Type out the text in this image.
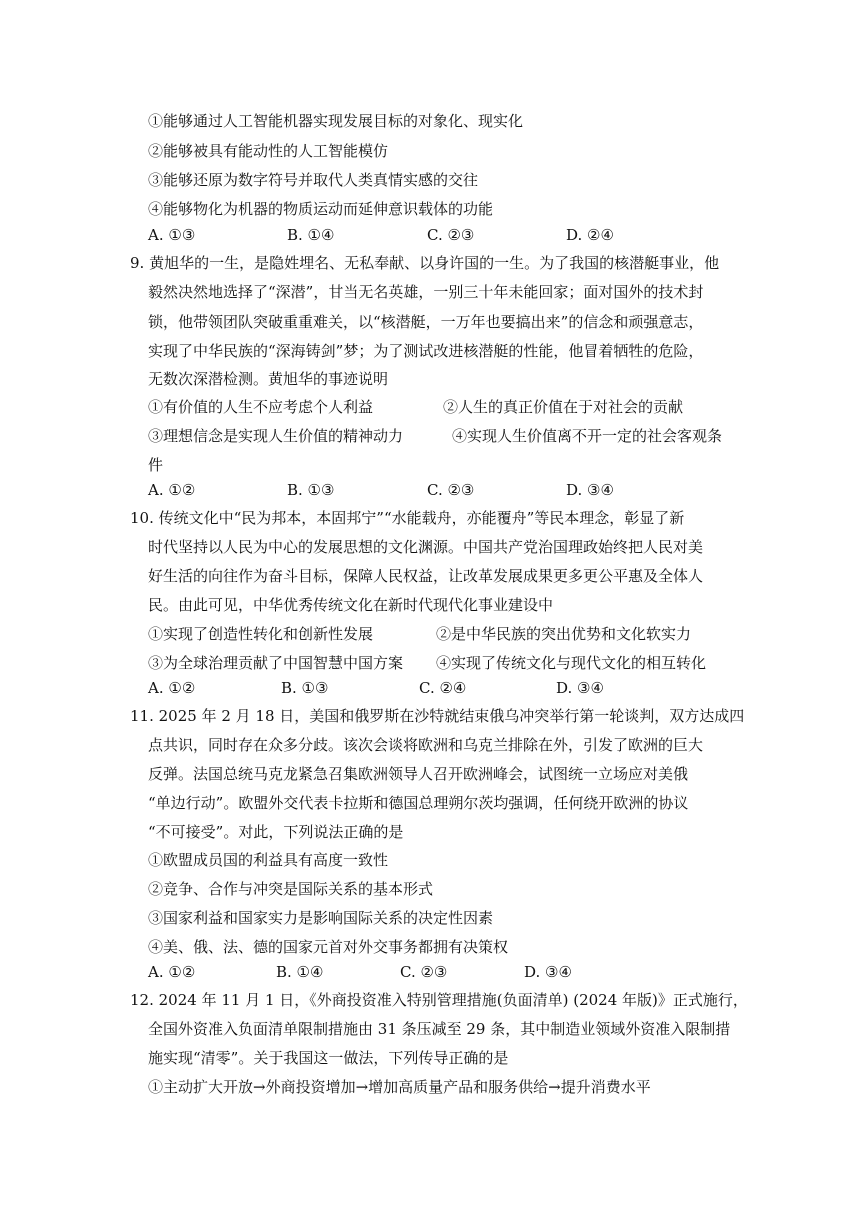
①能够通过人工智能机器实现发展目标的对象化、现实化
②能够被具有能动性的人工智能模仿
③能够还原为数字符号并取代人类真情实感的交往
④能够物化为机器的物质运动而延伸意识载体的功能
A. ①③	B. ①④	C. ②③	D. ②④
9. 黄旭华的一生，是隐姓埋名、无私奉献、以身许国的一生。为了我国的核潜艇事业，他
毅然决然地选择了“深潜”，甘当无名英雄，一别三十年未能回家；面对国外的技术封
锁，他带领团队突破重重难关，以“核潜艇，一万年也要搞出来”的信念和顽强意志，
实现了中华民族的“深海铸剑”梦；为了测试改进核潜艇的性能，他冒着牺牲的危险，
无数次深潜检测。黄旭华的事迹说明
①有价值的人生不应考虑个人利益	②人生的真正价值在于对社会的贡献
③理想信念是实现人生价值的精神动力	④实现人生价值离不开一定的社会客观条
件
A. ①②	B. ①③	C. ②③	D. ③④
10. 传统文化中“民为邦本，本固邦宁”“水能载舟，亦能覆舟”等民本理念，彰显了新
时代坚持以人民为中心的发展思想的文化渊源。中国共产党治国理政始终把人民对美
好生活的向往作为奋斗目标，保障人民权益，让改革发展成果更多更公平惠及全体人
民。由此可见，中华优秀传统文化在新时代现代化事业建设中
①实现了创造性转化和创新性发展	②是中华民族的突出优势和文化软实力
③为全球治理贡献了中国智慧中国方案 ④实现了传统文化与现代文化的相互转化
A. ①②	B. ①③	C. ②④	D. ③④
11. 2025 年 2 月 18 日，美国和俄罗斯在沙特就结束俄乌冲突举行第一轮谈判，双方达成四
点共识，同时存在众多分歧。该次会谈将欧洲和乌克兰排除在外，引发了欧洲的巨大
反弹。法国总统马克龙紧急召集欧洲领导人召开欧洲峰会，试图统一立场应对美俄
“单边行动”。欧盟外交代表卡拉斯和德国总理朔尔茨均强调，任何绕开欧洲的协议
“不可接受”。对此，下列说法正确的是
①欧盟成员国的利益具有高度一致性
②竞争、合作与冲突是国际关系的基本形式
③国家利益和国家实力是影响国际关系的决定性因素
④美、俄、法、德的国家元首对外交事务都拥有决策权
A. ①②	B. ①④	C. ②③	D. ③④
12. 2024 年 11 月 1 日，《外商投资准入特别管理措施(负面清单) (2024 年版)》正式施行，
全国外资准入负面清单限制措施由 31 条压减至 29 条，其中制造业领域外资准入限制措
施实现“清零”。关于我国这一做法，下列传导正确的是
①主动扩大开放→外商投资增加→增加高质量产品和服务供给→提升消费水平
